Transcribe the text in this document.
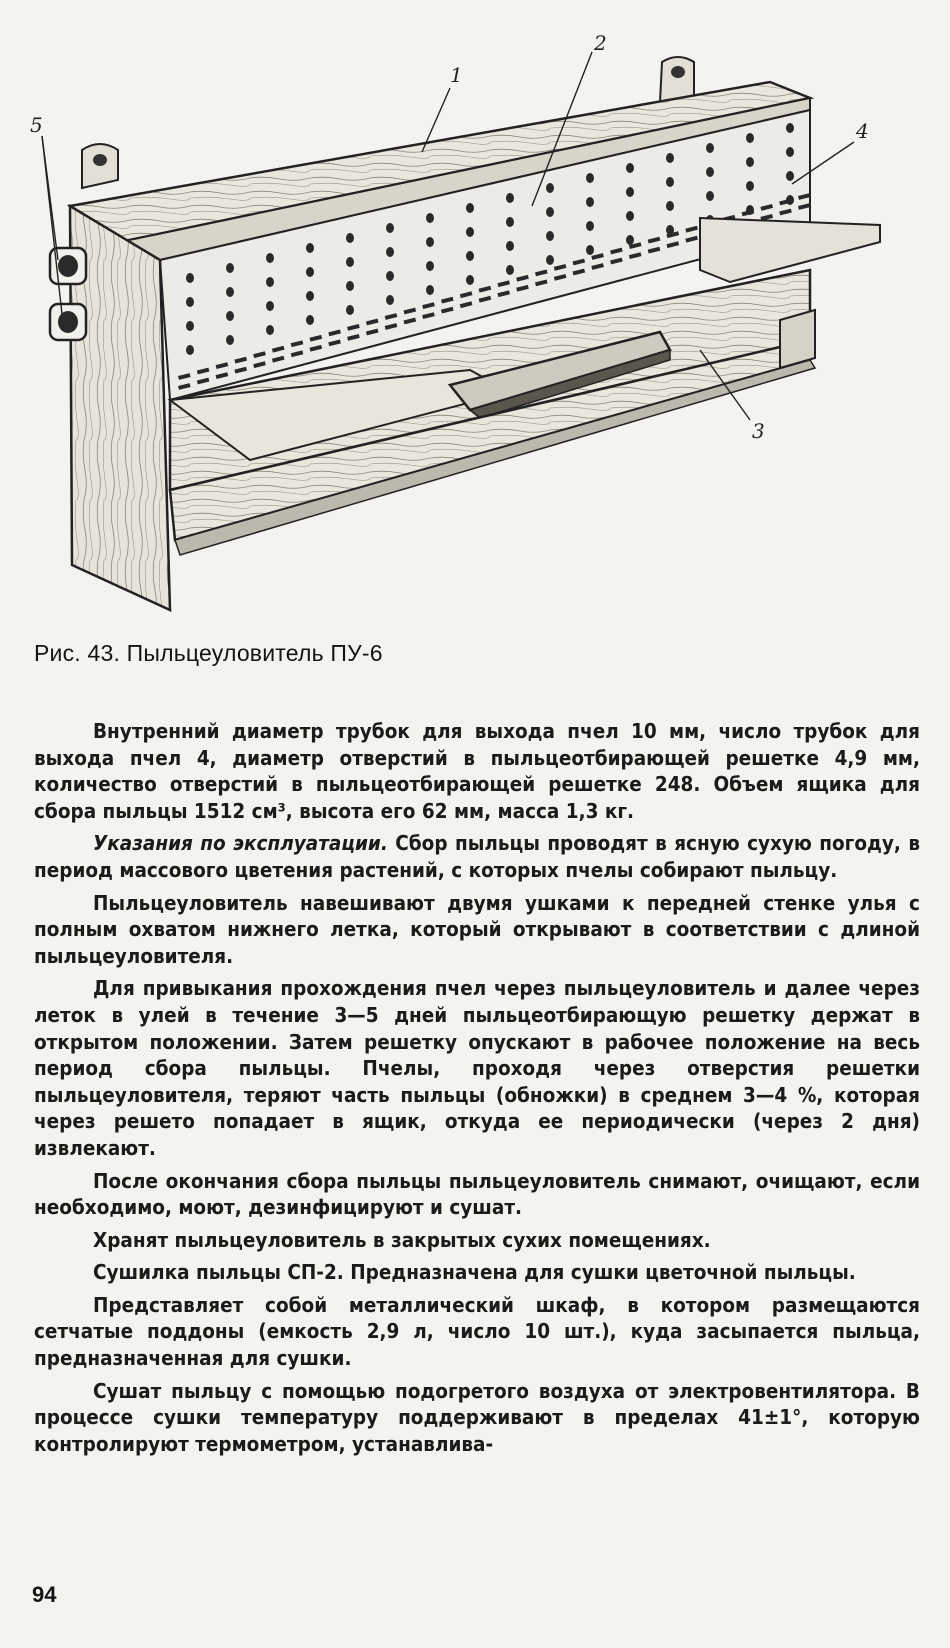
1
2
3
4
5
Рис. 43. Пыльцеуловитель ПУ-6

Внутренний диаметр трубок для выхода пчел 10 мм, число трубок для выхода пчел 4, диаметр отверстий в пыльцеотбирающей решетке 4,9 мм, количество отверстий в пыльцеотбирающей решетке 248. Объем ящика для сбора пыльцы 1512 см³, высота его 62 мм, масса 1,3 кг.

Указания по эксплуатации. Сбор пыльцы проводят в ясную сухую погоду, в период массового цветения растений, с которых пчелы собирают пыльцу.

Пыльцеуловитель навешивают двумя ушками к передней стенке улья с полным охватом нижнего летка, который открывают в соответствии с длиной пыльцеуловителя.

Для привыкания прохождения пчел через пыльцеуловитель и далее через леток в улей в течение 3—5 дней пыльцеотбирающую решетку держат в открытом положении. Затем решетку опускают в рабочее положение на весь период сбора пыльцы. Пчелы, проходя через отверстия решетки пыльцеуловителя, теряют часть пыльцы (обножки) в среднем 3—4 %, которая через решето попадает в ящик, откуда ее периодически (через 2 дня) извлекают.

После окончания сбора пыльцы пыльцеуловитель снимают, очищают, если необходимо, моют, дезинфицируют и сушат.

Хранят пыльцеуловитель в закрытых сухих помещениях.

Сушилка пыльцы СП-2. Предназначена для сушки цветочной пыльцы.

Представляет собой металлический шкаф, в котором размещаются сетчатые поддоны (емкость 2,9 л, число 10 шт.), куда засыпается пыльца, предназначенная для сушки.

Сушат пыльцу с помощью подогретого воздуха от электровентилятора. В процессе сушки температуру поддерживают в пределах 41±1°, которую контролируют термометром, устанавлива-

94
